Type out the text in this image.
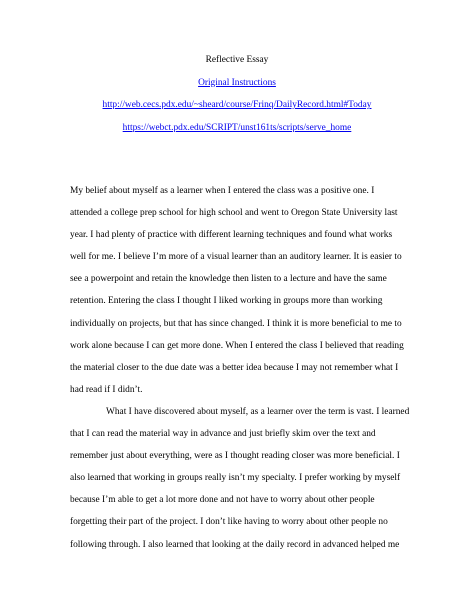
Reflective Essay
Original Instructions
http://web.cecs.pdx.edu/~sheard/course/Frinq/DailyRecord.html#Today
https://webct.pdx.edu/SCRIPT/unst161ts/scripts/serve_home

My belief about myself as a learner when I entered the class was a positive one. I
attended a college prep school for high school and went to Oregon State University last
year. I had plenty of practice with different learning techniques and found what works
well for me. I believe I’m more of a visual learner than an auditory learner. It is easier to
see a powerpoint and retain the knowledge then listen to a lecture and have the same
retention. Entering the class I thought I liked working in groups more than working
individually on projects, but that has since changed. I think it is more beneficial to me to
work alone because I can get more done. When I entered the class I believed that reading
the material closer to the due date was a better idea because I may not remember what I
had read if I didn’t.

What I have discovered about myself, as a learner over the term is vast. I learned
that I can read the material way in advance and just briefly skim over the text and
remember just about everything, were as I thought reading closer was more beneficial. I
also learned that working in groups really isn’t my specialty. I prefer working by myself
because I’m able to get a lot more done and not have to worry about other people
forgetting their part of the project. I don’t like having to worry about other people no
following through. I also learned that looking at the daily record in advanced helped me
